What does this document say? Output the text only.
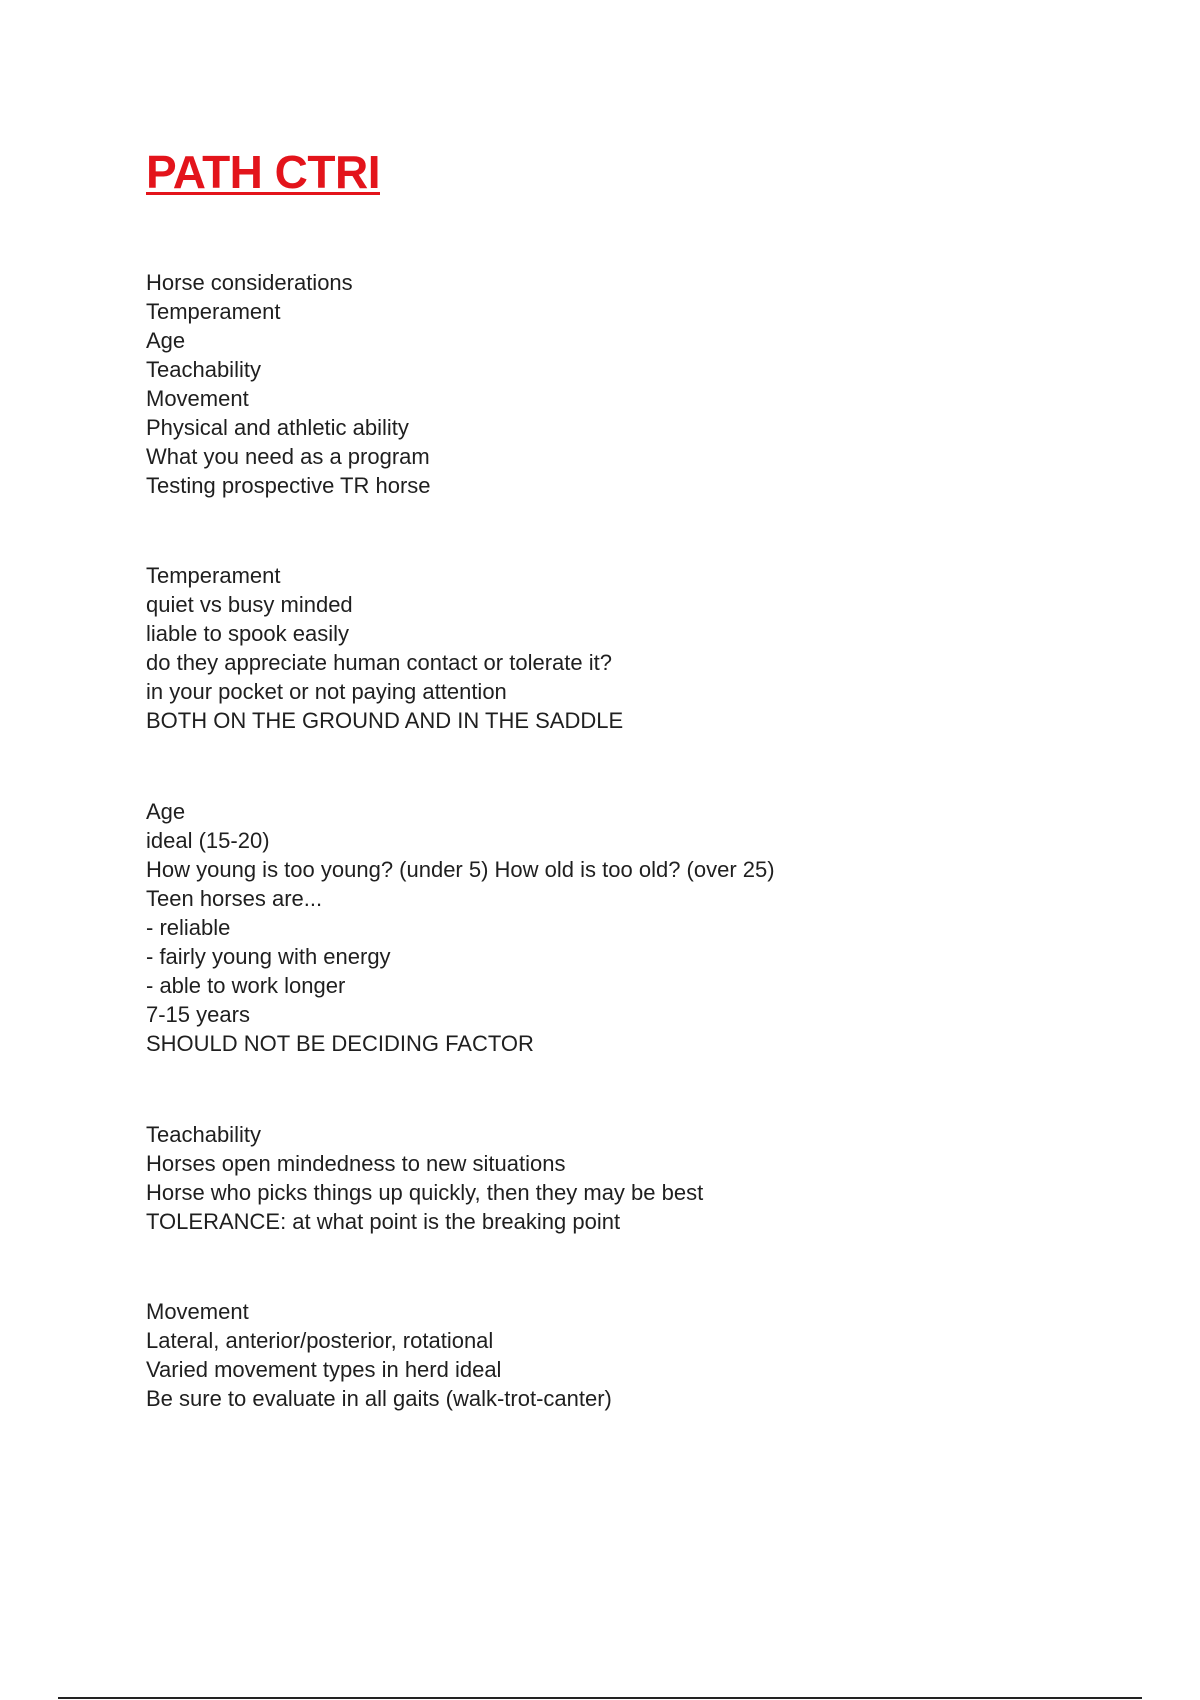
PATH CTRI
Horse considerations
Temperament
Age
Teachability
Movement
Physical and athletic ability
What you need as a program
Testing prospective TR horse
Temperament
quiet vs busy minded
liable to spook easily
do they appreciate human contact or tolerate it?
in your pocket or not paying attention
BOTH ON THE GROUND AND IN THE SADDLE
Age
ideal (15-20)
How young is too young? (under 5) How old is too old? (over 25)
Teen horses are...
- reliable
- fairly young with energy
- able to work longer
7-15 years
SHOULD NOT BE DECIDING FACTOR
Teachability
Horses open mindedness to new situations
Horse who picks things up quickly, then they may be best
TOLERANCE: at what point is the breaking point
Movement
Lateral, anterior/posterior, rotational
Varied movement types in herd ideal
Be sure to evaluate in all gaits (walk-trot-canter)
